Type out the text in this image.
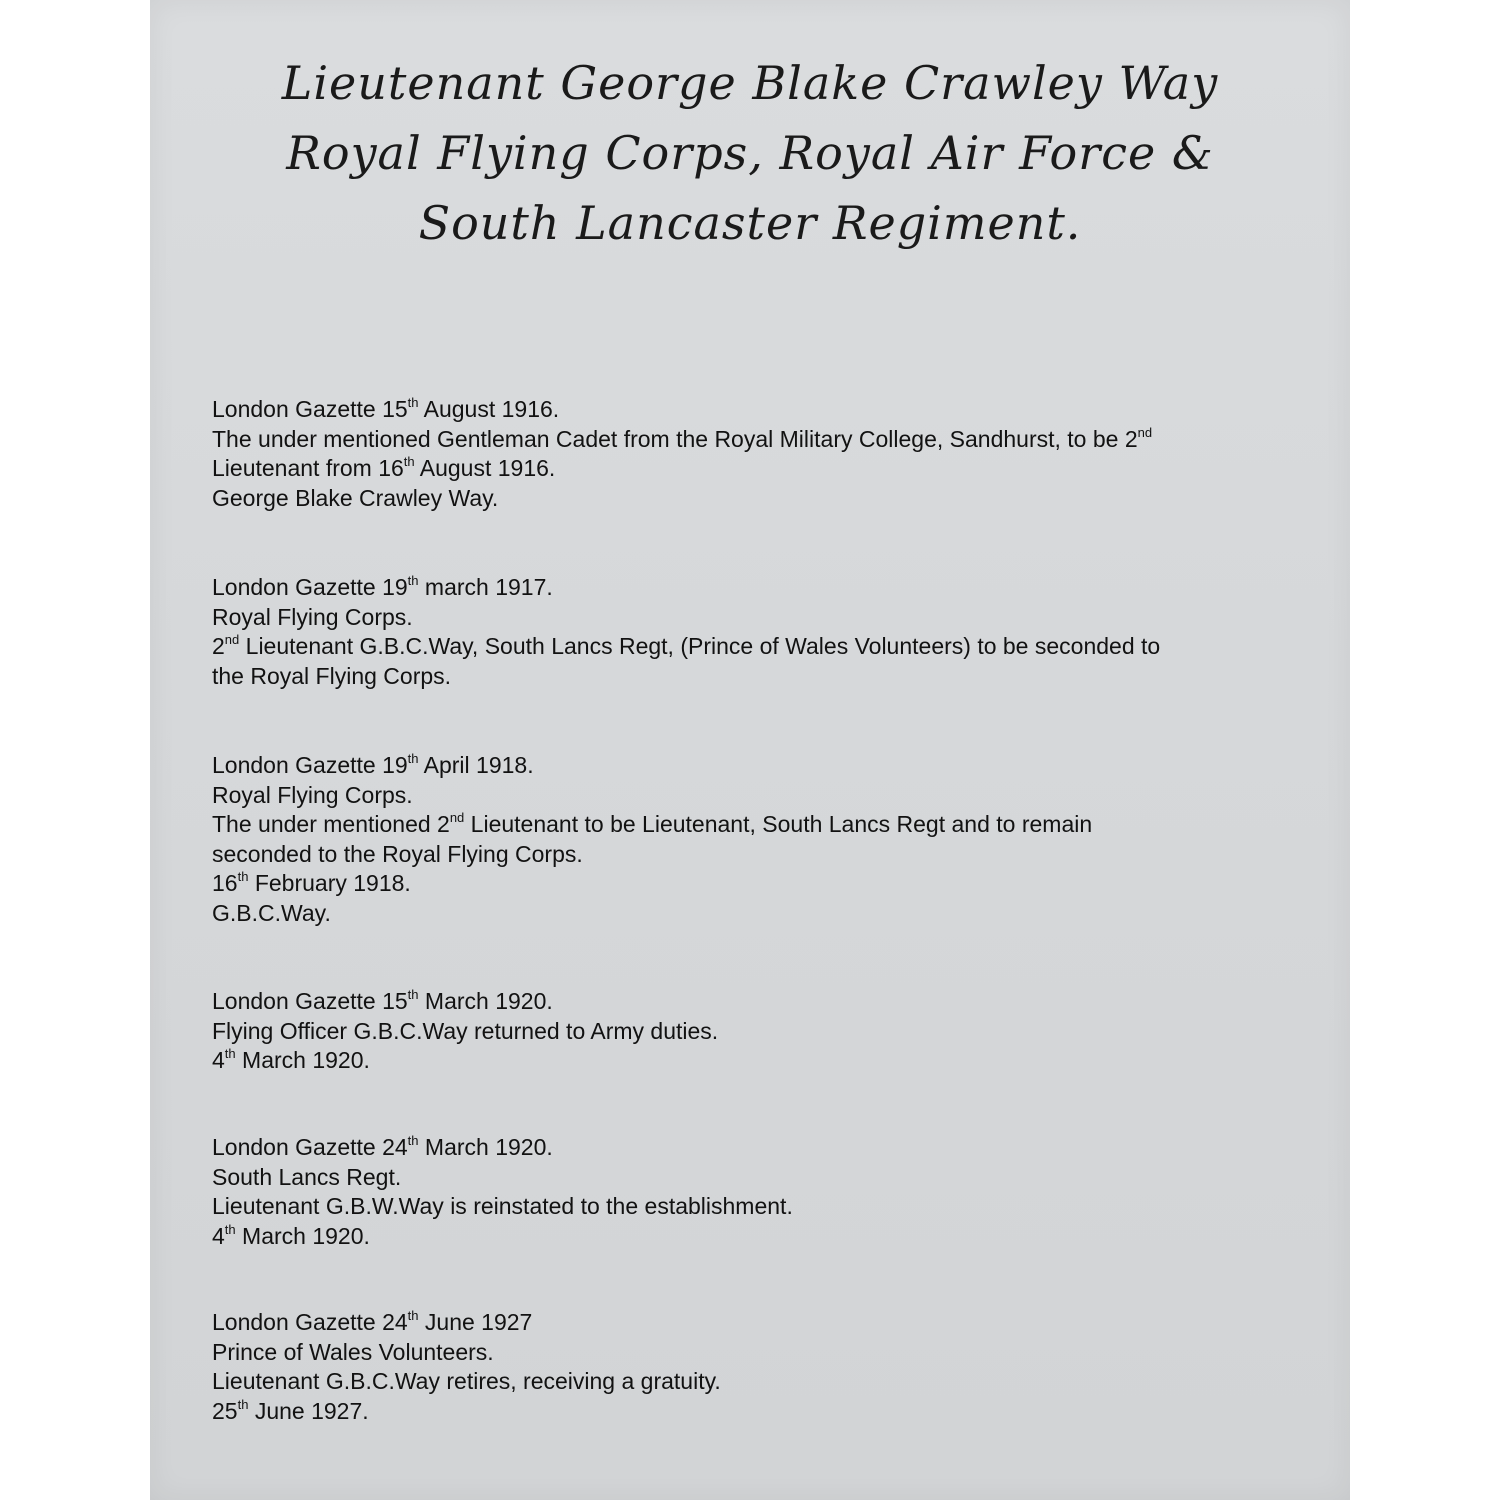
Lieutenant George Blake Crawley Way
Royal Flying Corps, Royal Air Force &
South Lancaster Regiment.
London Gazette 15th August 1916.
The under mentioned Gentleman Cadet from the Royal Military College, Sandhurst, to be 2nd
Lieutenant from 16th August 1916.
George Blake Crawley Way.
London Gazette 19th march 1917.
Royal Flying Corps.
2nd Lieutenant G.B.C.Way, South Lancs Regt, (Prince of Wales Volunteers) to be seconded to
the Royal Flying Corps.
London Gazette 19th April 1918.
Royal Flying Corps.
The under mentioned 2nd Lieutenant to be Lieutenant, South Lancs Regt and to remain
seconded to the Royal Flying Corps.
16th February 1918.
G.B.C.Way.
London Gazette 15th March 1920.
Flying Officer G.B.C.Way returned to Army duties.
4th March 1920.
London Gazette 24th March 1920.
South Lancs Regt.
Lieutenant G.B.W.Way is reinstated to the establishment.
4th March 1920.
London Gazette 24th June 1927
Prince of Wales Volunteers.
Lieutenant G.B.C.Way retires, receiving a gratuity.
25th June 1927.
